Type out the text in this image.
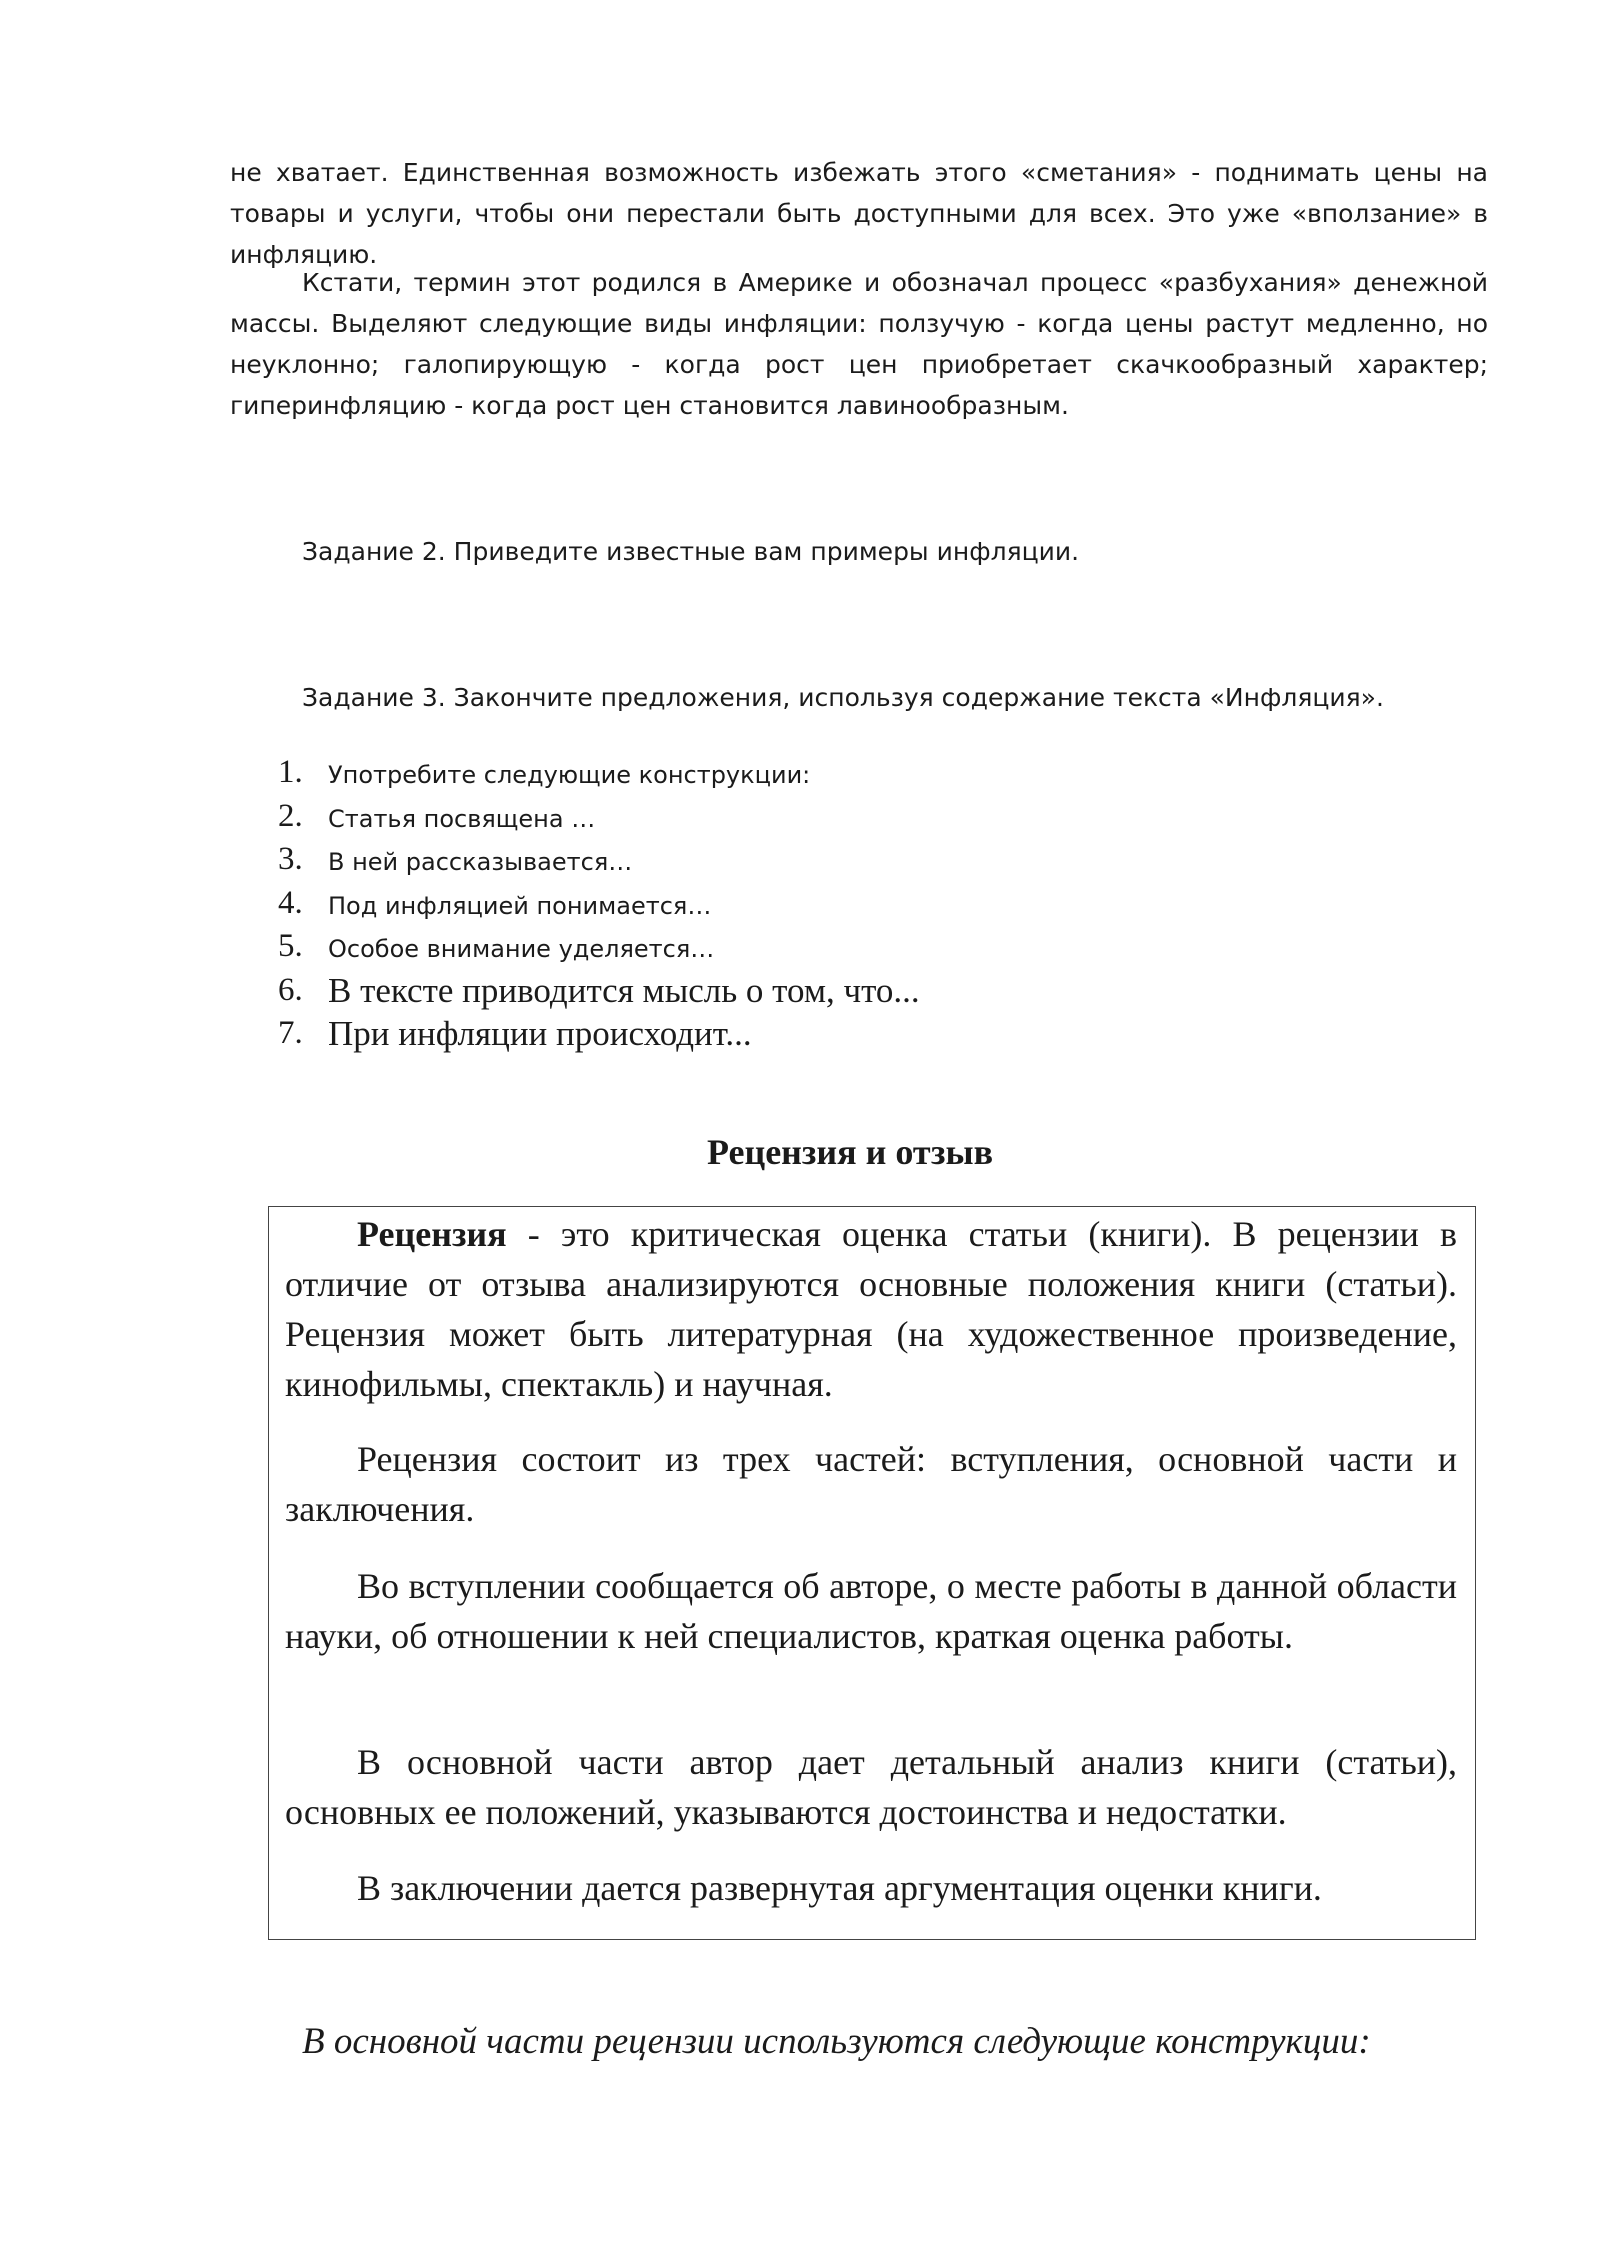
не хватает. Единственная возможность избежать этого «сметания» - поднимать цены на товары и услуги, чтобы они перестали быть доступными для всех. Это уже «вползание» в инфляцию.

Кстати, термин этот родился в Америке и обозначал процесс «разбухания» денежной массы. Выделяют следующие виды инфляции: ползучую - когда цены растут медленно, но неуклонно; галопирующую - когда рост цен приобретает скачкообразный характер; гиперинфляцию - когда рост цен становится лавинообразным.

Задание 2. Приведите известные вам примеры инфляции.

Задание 3. Закончите предложения, используя содержание текста «Инфляция».

1. Употребите следующие конструкции:
2. Статья посвящена …
3. В ней рассказывается…
4. Под инфляцией понимается…
5. Особое внимание уделяется…
6. В тексте приводится мысль о том, что...
7. При инфляции происходит...
Рецензия и отзыв

Рецензия - это критическая оценка статьи (книги). В рецензии в отличие от отзыва анализируются основные положения книги (статьи). Рецензия может быть литературная (на художественное произведение, кинофильмы, спектакль) и научная.

Рецензия состоит из трех частей: вступления, основной части и заключения.

Во вступлении сообщается об авторе, о месте работы в данной области науки, об отношении к ней специалистов, краткая оценка работы.

В основной части автор дает детальный анализ книги (статьи), основных ее положений, указываются достоинства и недостатки.

В заключении дается развернутая аргументация оценки книги.

В основной части рецензии используются следующие конструкции:
